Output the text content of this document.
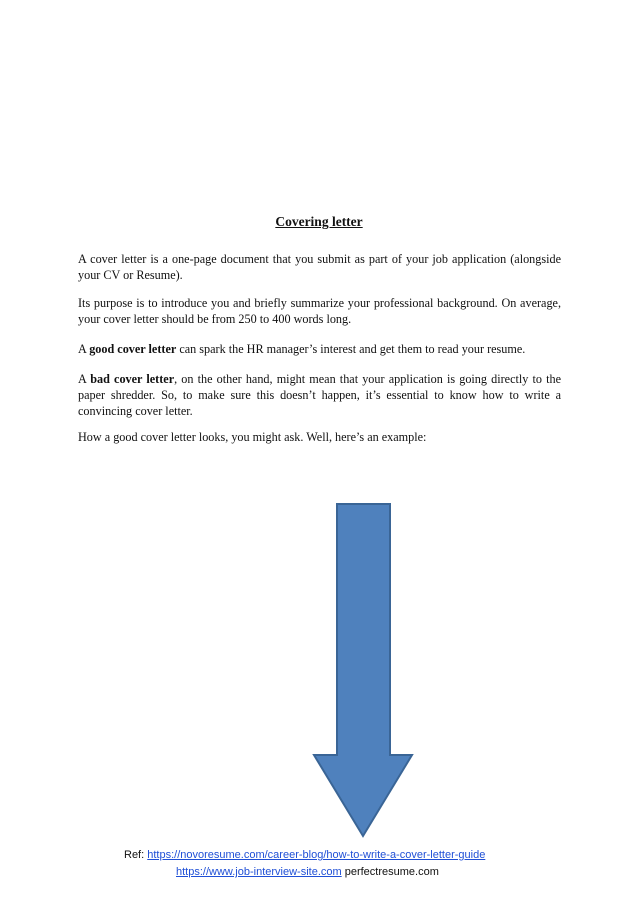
Covering letter
A cover letter is a one-page document that you submit as part of your job application (alongside your CV or Resume).
Its purpose is to introduce you and briefly summarize your professional background. On average, your cover letter should be from 250 to 400 words long.
A good cover letter can spark the HR manager’s interest and get them to read your resume.
A bad cover letter, on the other hand, might mean that your application is going directly to the paper shredder. So, to make sure this doesn’t happen, it’s essential to know how to write a convincing cover letter.
How a good cover letter looks, you might ask. Well, here’s an example:
Ref: https://novoresume.com/career-blog/how-to-write-a-cover-letter-guide
https://www.job-interview-site.com perfectresume.com
